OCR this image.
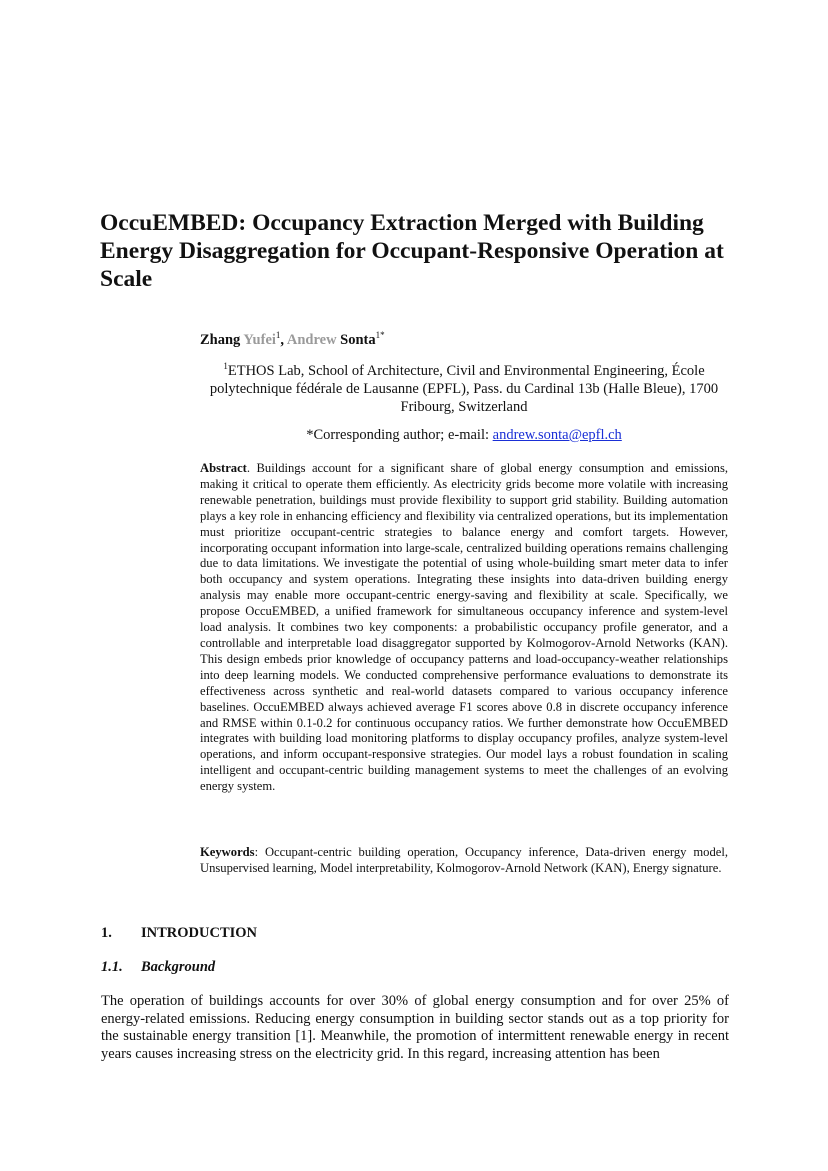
OccuEMBED: Occupancy Extraction Merged with Building Energy Disaggregation for Occupant-Responsive Operation at Scale
Zhang Yufei$^1$, Andrew Sonta$^{1*}$
$^1$ETHOS Lab, School of Architecture, Civil and Environmental Engineering, École polytechnique fédérale de Lausanne (EPFL), Pass. du Cardinal 13b (Halle Bleue), 1700 Fribourg, Switzerland
*Corresponding author; e-mail: andrew.sonta@epfl.ch

Abstract. Buildings account for a significant share of global energy consumption and emissions, making it critical to operate them efficiently. As electricity grids become more volatile with increasing renewable penetration, buildings must provide flexibility to support grid stability. Building automation plays a key role in enhancing efficiency and flexibility via centralized operations, but its implementation must prioritize occupant-centric strategies to balance energy and comfort targets. However, incorporating occupant information into large-scale, centralized building operations remains challenging due to data limitations. We investigate the potential of using whole-building smart meter data to infer both occupancy and system operations. Integrating these insights into data-driven building energy analysis may enable more occupant-centric energy-saving and flexibility at scale. Specifically, we propose OccuEMBED, a unified framework for simultaneous occupancy inference and system-level load analysis. It combines two key components: a probabilistic occupancy profile generator, and a controllable and interpretable load disaggregator supported by Kolmogorov-Arnold Networks (KAN). This design embeds prior knowledge of occupancy patterns and load-occupancy-weather relationships into deep learning models. We conducted comprehensive performance evaluations to demonstrate its effectiveness across synthetic and real-world datasets compared to various occupancy inference baselines. OccuEMBED always achieved average F1 scores above 0.8 in discrete occupancy inference and RMSE within 0.1-0.2 for continuous occupancy ratios. We further demonstrate how OccuEMBED integrates with building load monitoring platforms to display occupancy profiles, analyze system-level operations, and inform occupant-responsive strategies. Our model lays a robust foundation in scaling intelligent and occupant-centric building management systems to meet the challenges of an evolving energy system.

Keywords: Occupant-centric building operation, Occupancy inference, Data-driven energy model, Unsupervised learning, Model interpretability, Kolmogorov-Arnold Network (KAN), Energy signature.

1. INTRODUCTION
1.1. Background

The operation of buildings accounts for over 30% of global energy consumption and for over 25% of energy-related emissions. Reducing energy consumption in building sector stands out as a top priority for the sustainable energy transition [1]. Meanwhile, the promotion of intermittent renewable energy in recent years causes increasing stress on the electricity grid. In this regard, increasing attention has been
